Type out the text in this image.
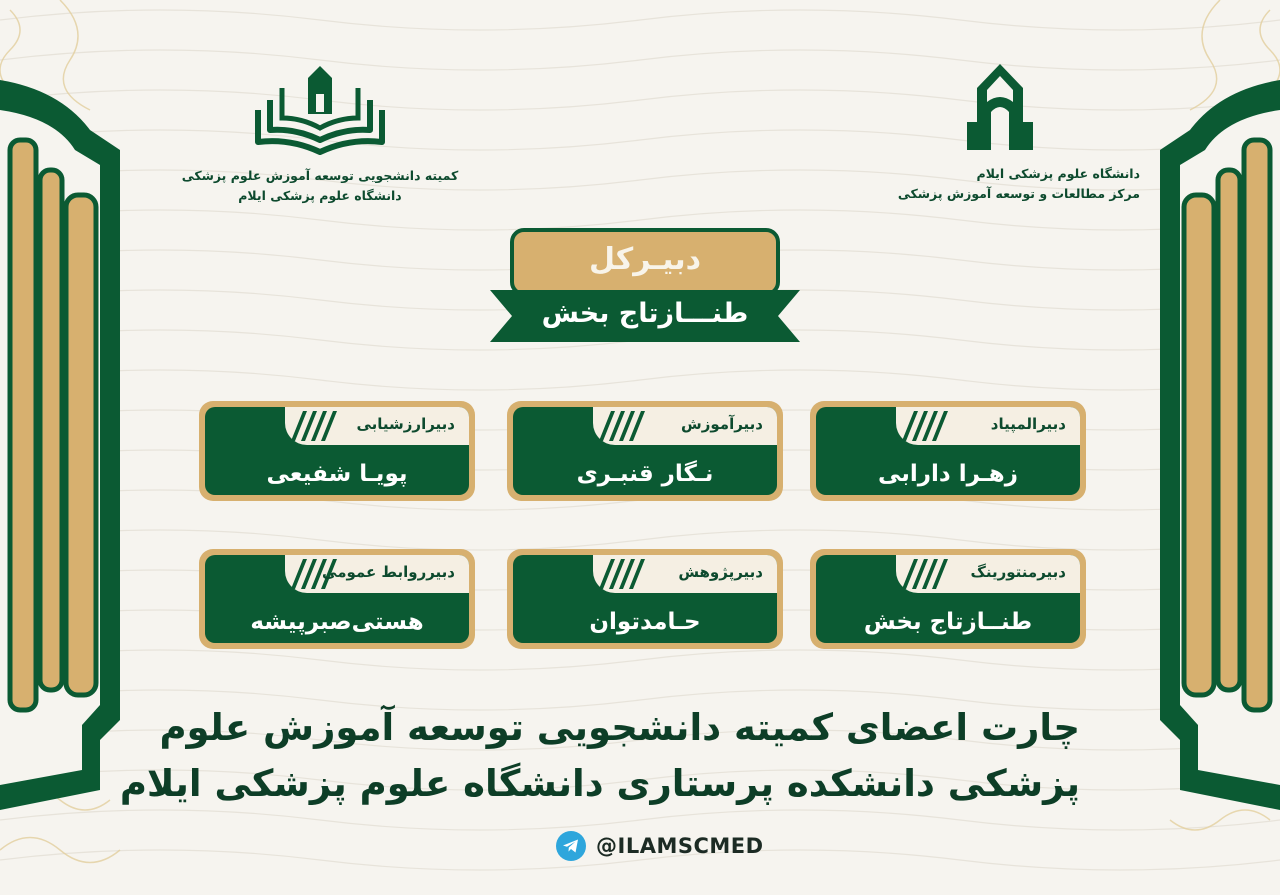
کمیته دانشجویی توسعه آموزش علوم پزشکی
دانشگاه علوم پزشکی ایلام
دانشگاه علوم پزشکی ایلام
مرکز مطالعات و توسعه آموزش پزشکی
دبیـرکل
طنـــازتاج بخش
دبیرالمپیاد
زهـرا دارابی
دبیرآموزش
نـگار قنبـری
دبیرارزشیابی
پویـا شفیعی
دبیرمنتورینگ
طنــازتاج بخش
دبیرپژوهش
حـامدتوان
دبیرروابط عمومی
هستی‌صبرپیشه
چارت اعضای کمیته دانشجویی توسعه آموزش علوم
پزشکی دانشکده پرستاری دانشگاه علوم پزشکی ایلام
@ILAMSCMED
